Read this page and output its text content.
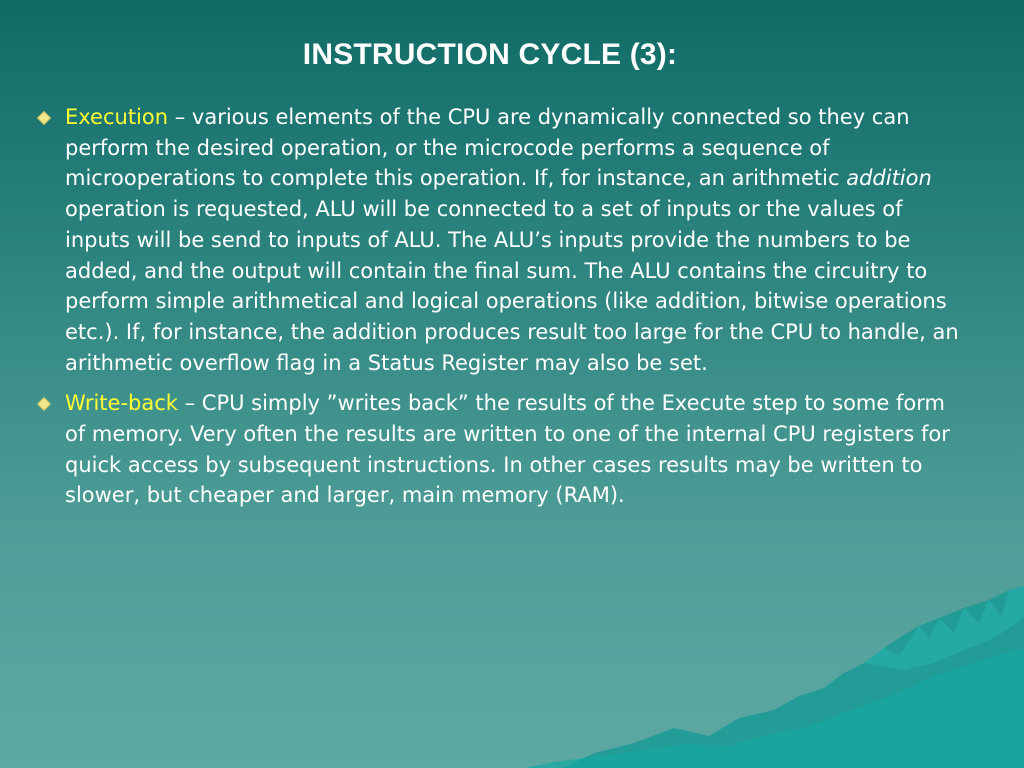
INSTRUCTION CYCLE (3):
Execution – various elements of the CPU are dynamically connected so they can perform the desired operation, or the microcode performs a sequence of microoperations to complete this operation. If, for instance, an arithmetic addition operation is requested, ALU will be connected to a set of inputs or the values of inputs will be send to inputs of ALU. The ALU’s inputs provide the numbers to be added, and the output will contain the final sum. The ALU contains the circuitry to perform simple arithmetical and logical operations (like addition, bitwise operations etc.). If, for instance, the addition produces result too large for the CPU to handle, an arithmetic overflow flag in a Status Register may also be set.
Write-back – CPU simply ”writes back” the results of the Execute step to some form of memory. Very often the results are written to one of the internal CPU registers for quick access by subsequent instructions. In other cases results may be written to slower, but cheaper and larger, main memory (RAM).
